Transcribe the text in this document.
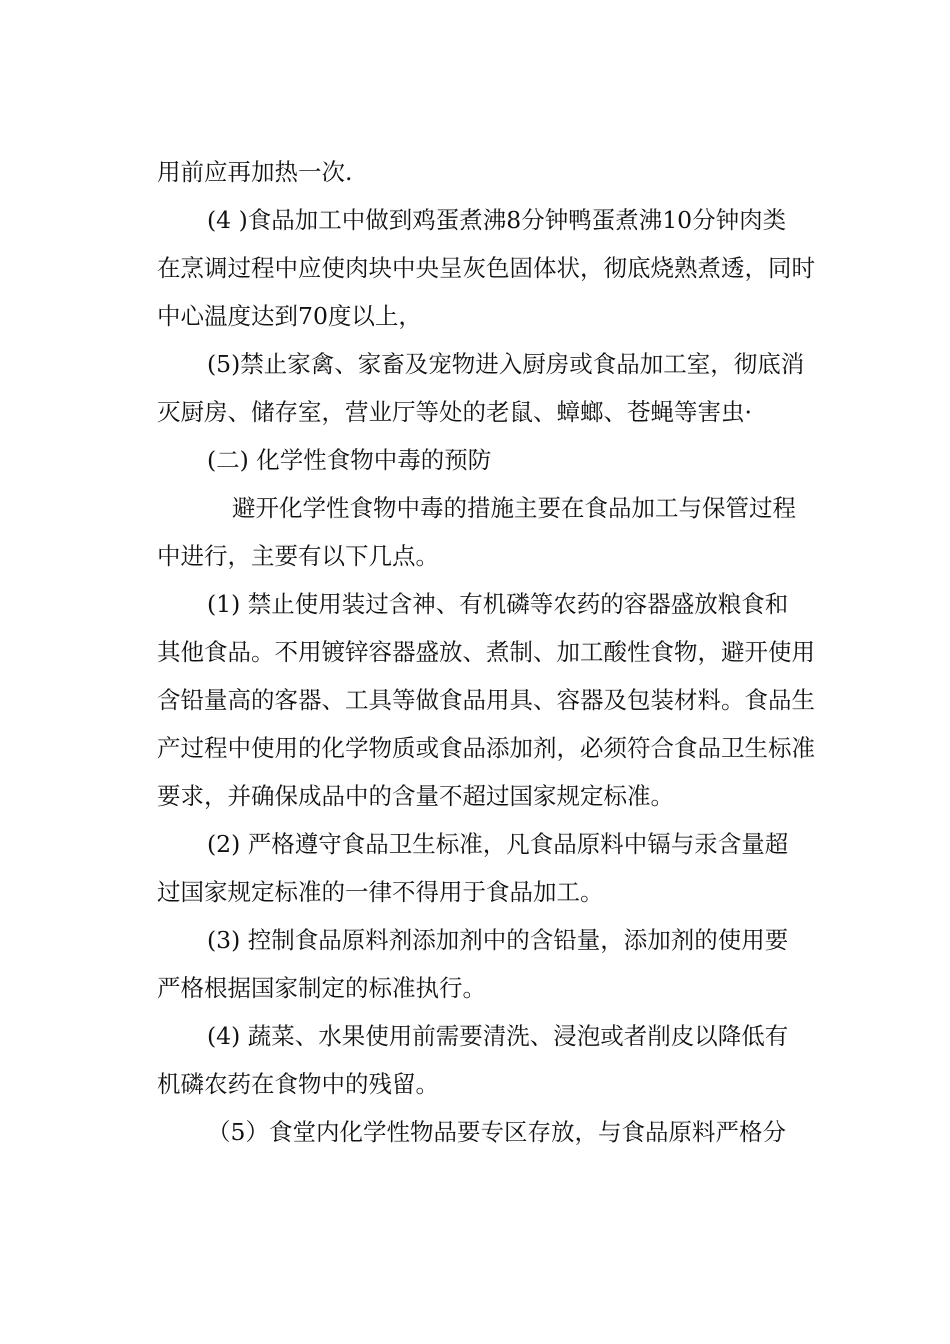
用前应再加热一次.
(4 )食品加工中做到鸡蛋煮沸8分钟鸭蛋煮沸10分钟肉类
在烹调过程中应使肉块中央呈灰色固体状，彻底烧熟煮透，同时
中心温度达到70度以上，
(5)禁止家禽、家畜及宠物进入厨房或食品加工室，彻底消
灭厨房、储存室，营业厅等处的老鼠、蟑螂、苍蝇等害虫·
(二) 化学性食物中毒的预防
避开化学性食物中毒的措施主要在食品加工与保管过程
中进行，主要有以下几点。
(1) 禁止使用装过含神、有机磷等农药的容器盛放粮食和
其他食品。不用镀锌容器盛放、煮制、加工酸性食物，避开使用
含铅量高的客器、工具等做食品用具、容器及包装材料。食品生
产过程中使用的化学物质或食品添加剂，必须符合食品卫生标准
要求，并确保成品中的含量不超过国家规定标准。
(2) 严格遵守食品卫生标准，凡食品原料中镉与汞含量超
过国家规定标准的一律不得用于食品加工。
(3) 控制食品原料剂添加剂中的含铅量，添加剂的使用要
严格根据国家制定的标准执行。
(4) 蔬菜、水果使用前需要清洗、浸泡或者削皮以降低有
机磷农药在食物中的残留。
（5）食堂内化学性物品要专区存放，与食品原料严格分
